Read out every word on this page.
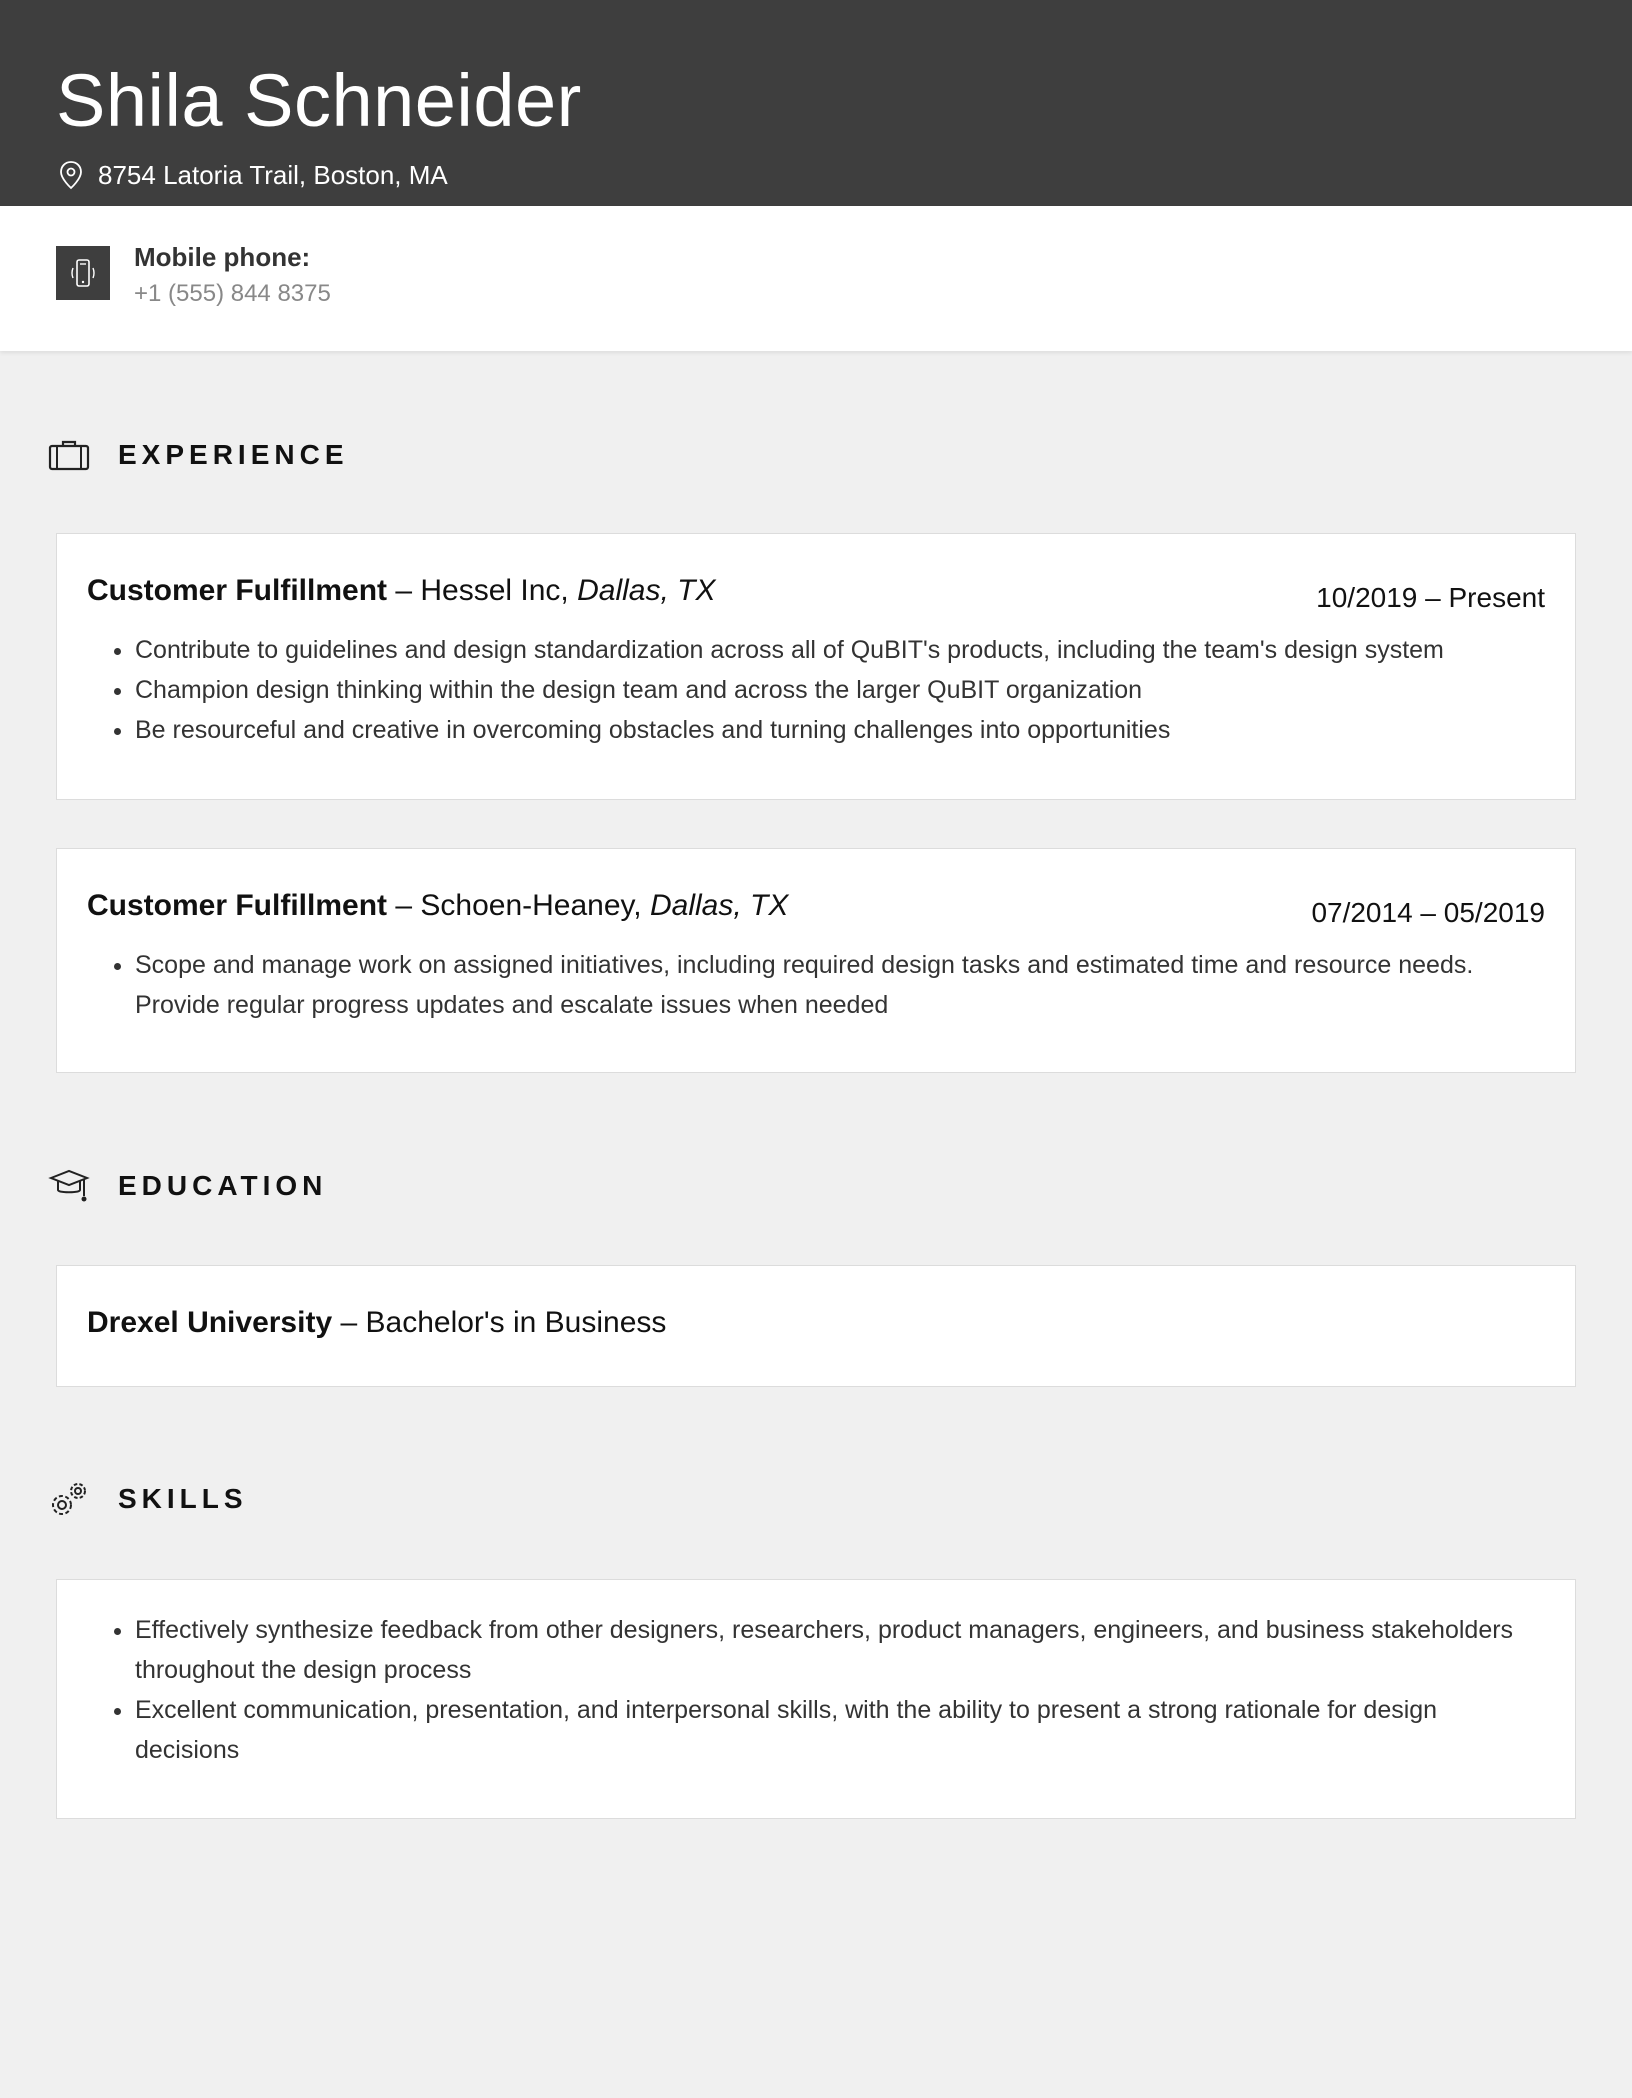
Shila Schneider
8754 Latoria Trail, Boston, MA
Mobile phone:
+1 (555) 844 8375
EXPERIENCE
Customer Fulfillment – Hessel Inc, Dallas, TX	10/2019 – Present
• Contribute to guidelines and design standardization across all of QuBIT's products, including the team's design system
• Champion design thinking within the design team and across the larger QuBIT organization
• Be resourceful and creative in overcoming obstacles and turning challenges into opportunities
Customer Fulfillment – Schoen-Heaney, Dallas, TX	07/2014 – 05/2019
• Scope and manage work on assigned initiatives, including required design tasks and estimated time and resource needs. Provide regular progress updates and escalate issues when needed
EDUCATION
Drexel University – Bachelor's in Business
SKILLS
• Effectively synthesize feedback from other designers, researchers, product managers, engineers, and business stakeholders throughout the design process
• Excellent communication, presentation, and interpersonal skills, with the ability to present a strong rationale for design decisions
